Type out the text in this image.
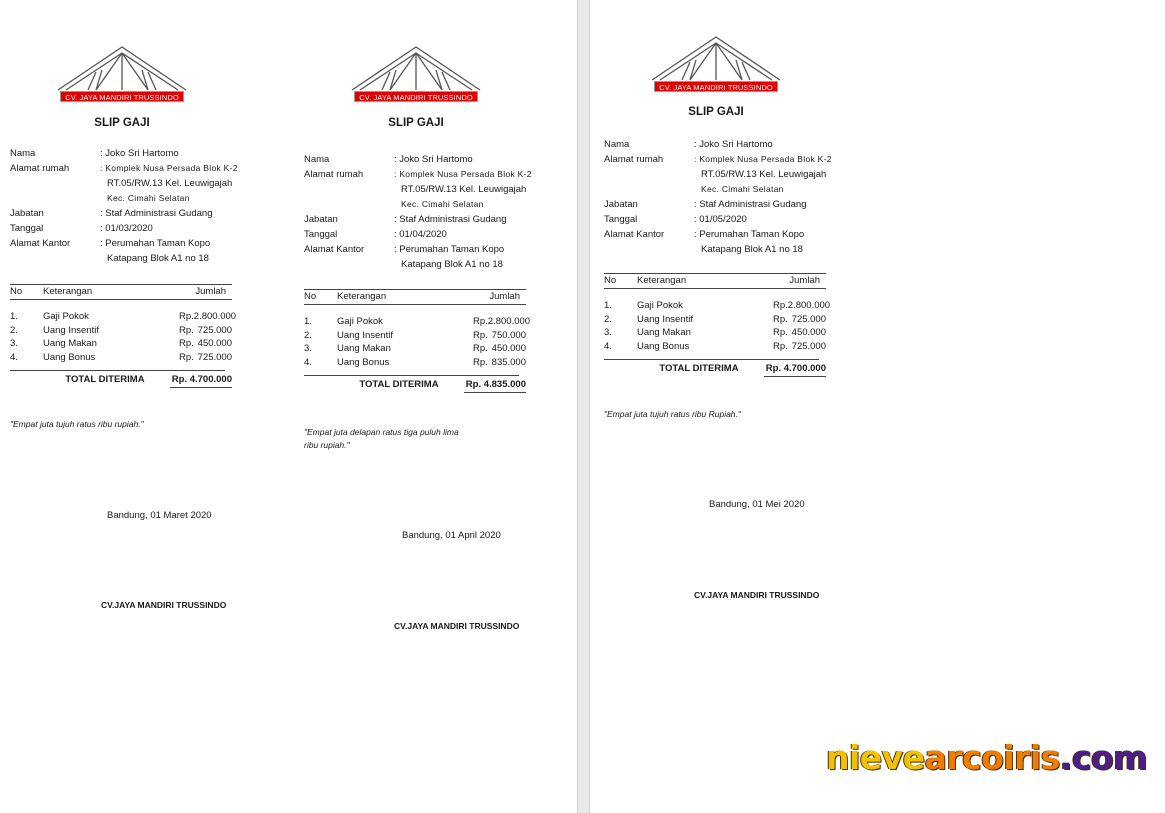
CV. JAYA MANDIRI TRUSSINDO
SLIP GAJI
Nama	: Joko Sri Hartomo
Alamat rumah	: Komplek Nusa Persada Blok K-2
RT.05/RW.13 Kel. Leuwigajah
Kec. Cimahi Selatan
Jabatan	: Staf Administrasi Gudang
Tanggal	: 01/03/2020
Alamat Kantor	: Perumahan Taman Kopo
Katapang Blok A1 no 18
No	Keterangan	Jumlah
1.	Gaji Pokok	Rp. 2.800.000
2.	Uang Insentif	Rp. 725.000
3.	Uang Makan	Rp. 450.000
4.	Uang Bonus	Rp. 725.000
TOTAL DITERIMA	Rp. 4.700.000
"Empat juta tujuh ratus ribu rupiah."
Bandung, 01 Maret 2020
CV.JAYA MANDIRI TRUSSINDO
CV. JAYA MANDIRI TRUSSINDO
SLIP GAJI
Nama	: Joko Sri Hartomo
Alamat rumah	: Komplek Nusa Persada Blok K-2
RT.05/RW.13 Kel. Leuwigajah
Kec. Cimahi Selatan
Jabatan	: Staf Administrasi Gudang
Tanggal	: 01/04/2020
Alamat Kantor	: Perumahan Taman Kopo
Katapang Blok A1 no 18
No	Keterangan	Jumlah
1.	Gaji Pokok	Rp. 2.800.000
2.	Uang Insentif	Rp. 750.000
3.	Uang Makan	Rp. 450.000
4.	Uang Bonus	Rp. 835.000
TOTAL DITERIMA	Rp. 4.835.000
"Empat juta delapan ratus tiga puluh lima
ribu rupiah."
Bandung, 01 April 2020
CV.JAYA MANDIRI TRUSSINDO
CV. JAYA MANDIRI TRUSSINDO
SLIP GAJI
Nama	: Joko Sri Hartomo
Alamat rumah	: Komplek Nusa Persada Blok K-2
RT.05/RW.13 Kel. Leuwigajah
Kec. Cimahi Selatan
Jabatan	: Staf Administrasi Gudang
Tanggal	: 01/05/2020
Alamat Kantor	: Perumahan Taman Kopo
Katapang Blok A1 no 18
No	Keterangan	Jumlah
1.	Gaji Pokok	Rp. 2.800.000
2.	Uang Insentif	Rp. 725.000
3.	Uang Makan	Rp. 450.000
4.	Uang Bonus	Rp. 725.000
TOTAL DITERIMA	Rp. 4.700.000
"Empat juta tujuh ratus ribu Rupiah."
Bandung, 01 Mei 2020
CV.JAYA MANDIRI TRUSSINDO
nievearcoiris.com
